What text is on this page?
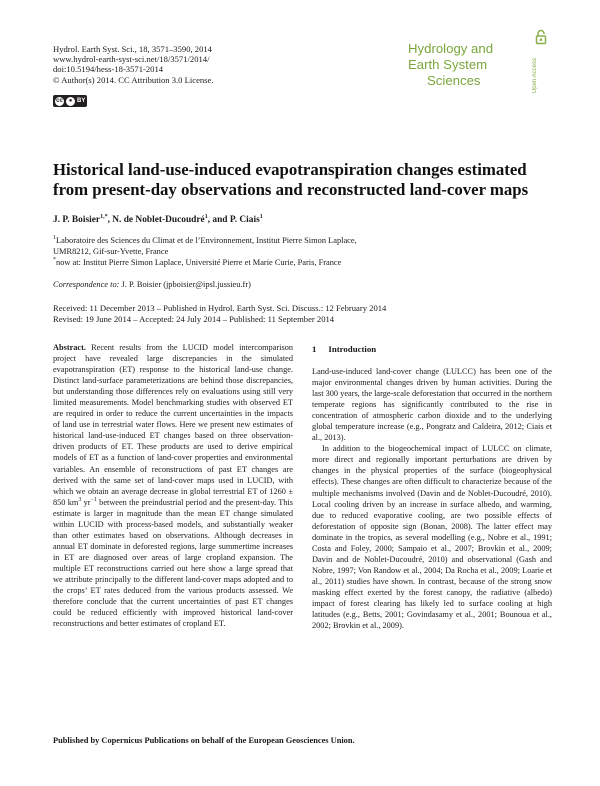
Hydrol. Earth Syst. Sci., 18, 3571–3590, 2014
www.hydrol-earth-syst-sci.net/18/3571/2014/
doi:10.5194/hess-18-3571-2014
© Author(s) 2014. CC Attribution 3.0 License.
cc ● BY
Hydrology and
Earth System
Sciences	Open Access
Historical land-use-induced evapotranspiration changes estimated from present-day observations and reconstructed land-cover maps
J. P. Boisier$^{1,*}$, N. de Noblet-Ducoudré$^1$, and P. Ciais$^1$
$^1$Laboratoire des Sciences du Climat et de l’Environnement, Institut Pierre Simon Laplace,
UMR8212, Gif-sur-Yvette, France
*now at: Institut Pierre Simon Laplace, Université Pierre et Marie Curie, Paris, France
Correspondence to: J. P. Boisier (jpboisier@ipsl.jussieu.fr)
Received: 11 December 2013 – Published in Hydrol. Earth Syst. Sci. Discuss.: 12 February 2014
Revised: 19 June 2014 – Accepted: 24 July 2014 – Published: 11 September 2014
Abstract. Recent results from the LUCID model intercomparison project have revealed large discrepancies in the simulated evapotranspiration (ET) response to the historical land-use change. Distinct land-surface parameterizations are behind those discrepancies, but understanding those differences rely on evaluations using still very limited measurements. Model benchmarking studies with observed ET are required in order to reduce the current uncertainties in the impacts of land use in terrestrial water flows. Here we present new estimates of historical land-use-induced ET changes based on three observation-driven products of ET. These products are used to derive empirical models of ET as a function of land-cover properties and environmental variables. An ensemble of reconstructions of past ET changes are derived with the same set of land-cover maps used in LUCID, with which we obtain an average decrease in global terrestrial ET of 1260 ± 850 $km^3$ $yr^{-1}$ between the preindustrial period and the present-day. This estimate is larger in magnitude than the mean ET change simulated within LUCID with process-based models, and substantially weaker than other estimates based on observations. Although decreases in annual ET dominate in deforested regions, large summertime increases in ET are diagnosed over areas of large cropland expansion. The multiple ET reconstructions carried out here show a large spread that we attribute principally to the different land-cover maps adopted and to the crops’ ET rates deduced from the various products assessed. We therefore conclude that the current uncertainties of past ET changes could be reduced efficiently with improved historical land-cover reconstructions and better estimates of cropland ET.
1 Introduction

Land-use-induced land-cover change (LULCC) has been one of the major environmental changes driven by human activities. During the last 300 years, the large-scale deforestation that occurred in the northern temperate regions has significantly contributed to the rise in concentration of atmospheric carbon dioxide and to the underlying global temperature increase (e.g., Pongratz and Caldeira, 2012; Ciais et al., 2013).

In addition to the biogeochemical impact of LULCC on climate, more direct and regionally important perturbations are driven by changes in the physical properties of the surface (biogeophysical effects). These changes are often difficult to characterize because of the multiple mechanisms involved (Davin and de Noblet-Ducoudré, 2010). Local cooling driven by an increase in surface albedo, and warming, due to reduced evaporative cooling, are two possible effects of deforestation of opposite sign (Bonan, 2008). The latter effect may dominate in the tropics, as several modelling (e.g., Nobre et al., 1991; Costa and Foley, 2000; Sampaio et al., 2007; Brovkin et al., 2009; Davin and de Noblet-Ducoudré, 2010) and observational (Gash and Nobre, 1997; Von Randow et al., 2004; Da Rocha et al., 2009; Loarie et al., 2011) studies have shown. In contrast, because of the strong snow masking effect exerted by the forest canopy, the radiative (albedo) impact of forest clearing has likely led to surface cooling at high latitudes (e.g., Betts, 2001; Govindasamy et al., 2001; Bounoua et al., 2002; Brovkin et al., 2009).

Published by Copernicus Publications on behalf of the European Geosciences Union.
